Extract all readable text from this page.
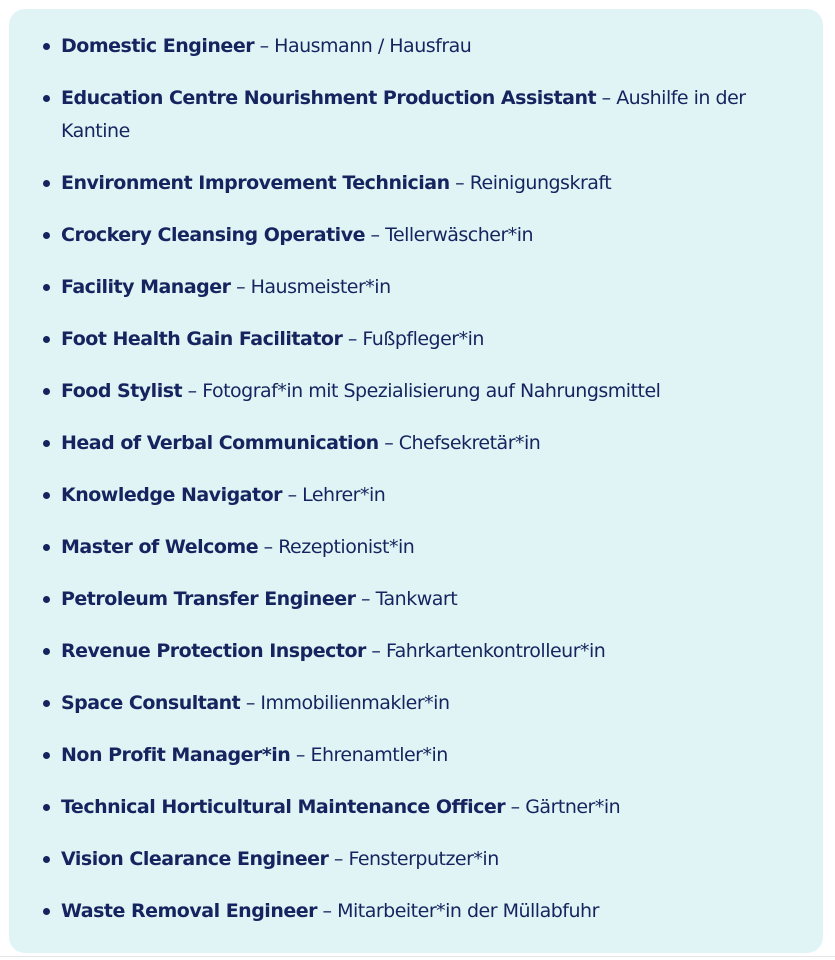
Domestic Engineer – Hausmann / Hausfrau
Education Centre Nourishment Production Assistant – Aushilfe in der Kantine
Environment Improvement Technician – Reinigungskraft
Crockery Cleansing Operative – Tellerwäscher*in
Facility Manager – Hausmeister*in
Foot Health Gain Facilitator – Fußpfleger*in
Food Stylist – Fotograf*in mit Spezialisierung auf Nahrungsmittel
Head of Verbal Communication – Chefsekretär*in
Knowledge Navigator – Lehrer*in
Master of Welcome – Rezeptionist*in
Petroleum Transfer Engineer – Tankwart
Revenue Protection Inspector – Fahrkartenkontrolleur*in
Space Consultant – Immobilienmakler*in
Non Profit Manager*in – Ehrenamtler*in
Technical Horticultural Maintenance Officer – Gärtner*in
Vision Clearance Engineer – Fensterputzer*in
Waste Removal Engineer – Mitarbeiter*in der Müllabfuhr
